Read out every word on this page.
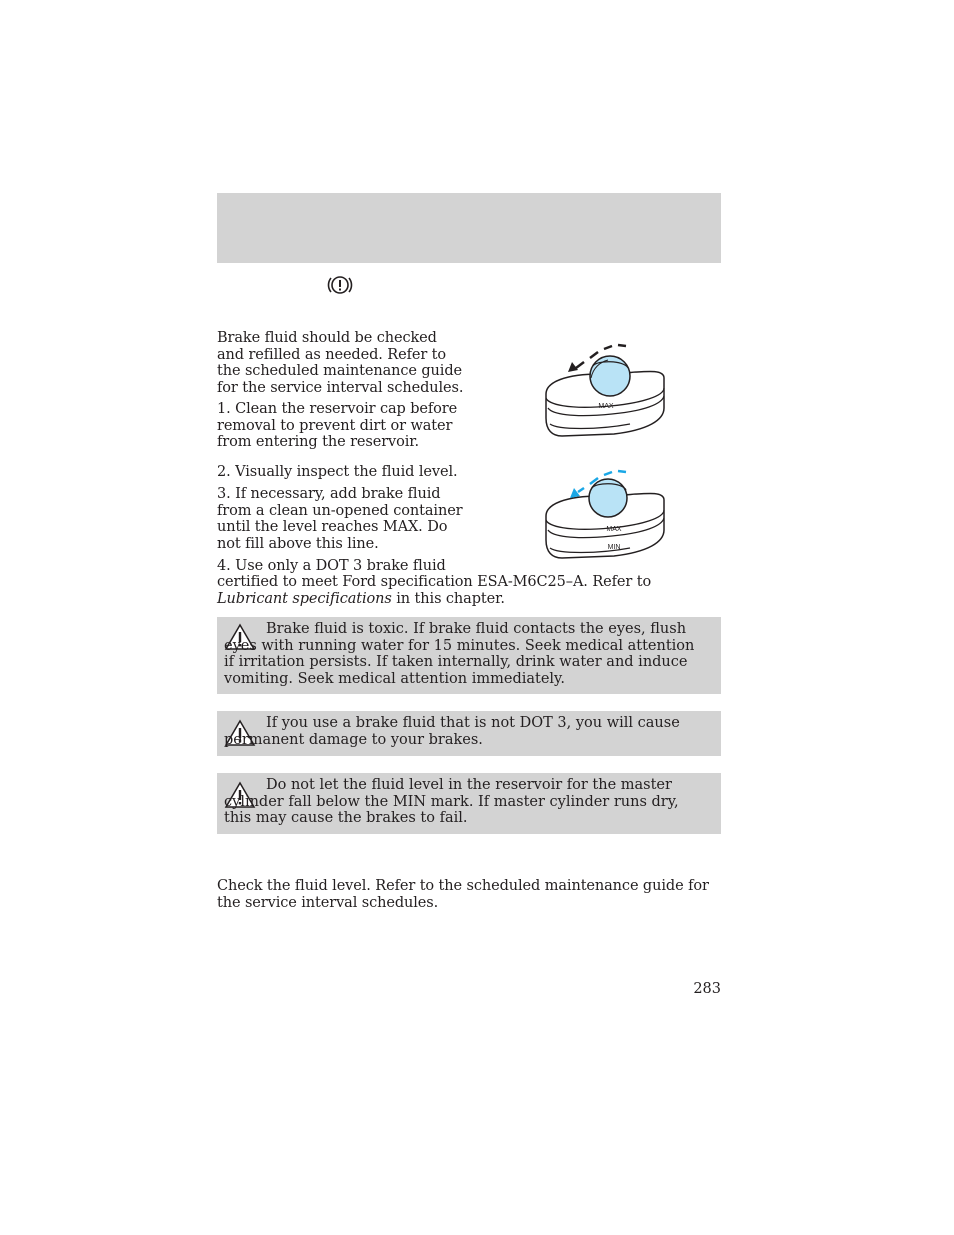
Brake fluid should be checked and refilled as needed. Refer to the scheduled maintenance guide for the service interval schedules.

1. Clean the reservoir cap before removal to prevent dirt or water from entering the reservoir.

2. Visually inspect the fluid level.

3. If necessary, add brake fluid from a clean un-opened container until the level reaches MAX. Do not fill above this line.

4. Use only a DOT 3 brake fluid

certified to meet Ford specification ESA-M6C25–A. Refer to Lubricant specifications in this chapter.

MAX
MAX
MIN

Brake fluid is toxic. If brake fluid contacts the eyes, flush eyes with running water for 15 minutes. Seek medical attention if irritation persists. If taken internally, drink water and induce vomiting. Seek medical attention immediately.

If you use a brake fluid that is not DOT 3, you will cause permanent damage to your brakes.

Do not let the fluid level in the reservoir for the master cylinder fall below the MIN mark. If master cylinder runs dry, this may cause the brakes to fail.

Check the fluid level. Refer to the scheduled maintenance guide for the service interval schedules.

283
